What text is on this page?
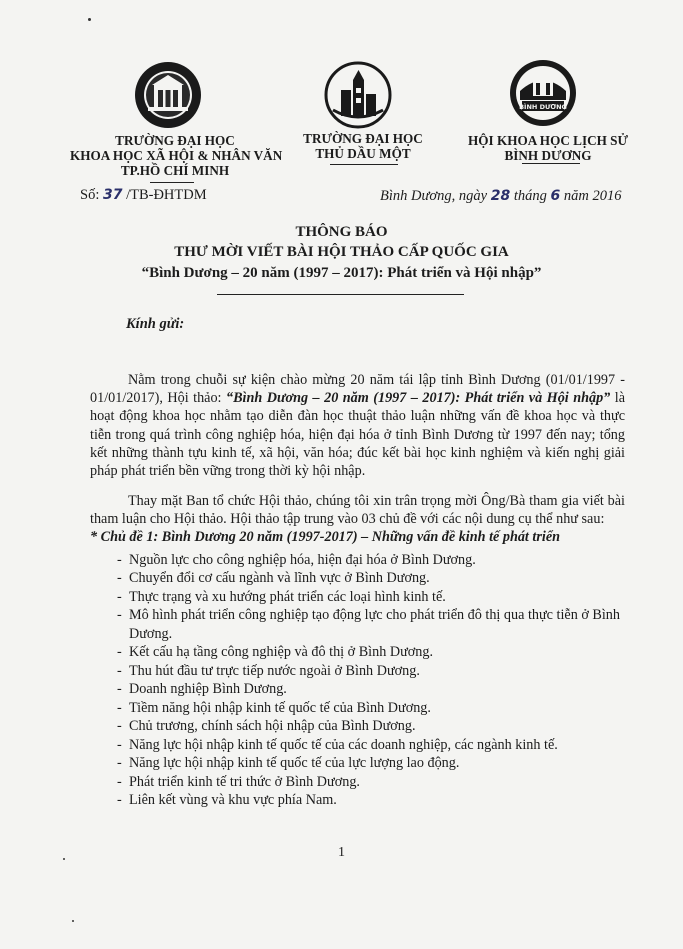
BÌNH DƯƠNG
TRƯỜNG ĐẠI HỌC
KHOA HỌC XÃ HỘI & NHÂN VĂN
TP.HỒ CHÍ MINH
TRƯỜNG ĐẠI HỌC
THỦ DẦU MỘT
HỘI KHOA HỌC LỊCH SỬ
BÌNH DƯƠNG
Số: 37 /TB-ĐHTDM	Bình Dương, ngày 28 tháng 6 năm 2016
THÔNG BÁO
THƯ MỜI VIẾT BÀI HỘI THẢO CẤP QUỐC GIA
“Bình Dương – 20 năm (1997 – 2017): Phát triển và Hội nhập”
Kính gửi:
Nằm trong chuỗi sự kiện chào mừng 20 năm tái lập tỉnh Bình Dương (01/01/1997 - 01/01/2017), Hội thảo: “Bình Dương – 20 năm (1997 – 2017): Phát triển và Hội nhập” là hoạt động khoa học nhằm tạo diễn đàn học thuật thảo luận những vấn đề khoa học và thực tiễn trong quá trình công nghiệp hóa, hiện đại hóa ở tỉnh Bình Dương từ 1997 đến nay; tổng kết những thành tựu kinh tế, xã hội, văn hóa; đúc kết bài học kinh nghiệm và kiến nghị giải pháp phát triển bền vững trong thời kỳ hội nhập.
Thay mặt Ban tổ chức Hội thảo, chúng tôi xin trân trọng mời Ông/Bà tham gia viết bài tham luận cho Hội thảo. Hội thảo tập trung vào 03 chủ đề với các nội dung cụ thể như sau:
* Chủ đề 1: Bình Dương 20 năm (1997-2017) – Những vấn đề kinh tế phát triển
- Nguồn lực cho công nghiệp hóa, hiện đại hóa ở Bình Dương.
- Chuyển đổi cơ cấu ngành và lĩnh vực ở Bình Dương.
- Thực trạng và xu hướng phát triển các loại hình kinh tế.
- Mô hình phát triển công nghiệp tạo động lực cho phát triển đô thị qua thực tiễn ở Bình Dương.
- Kết cấu hạ tầng công nghiệp và đô thị ở Bình Dương.
- Thu hút đầu tư trực tiếp nước ngoài ở Bình Dương.
- Doanh nghiệp Bình Dương.
- Tiềm năng hội nhập kinh tế quốc tế của Bình Dương.
- Chủ trương, chính sách hội nhập của Bình Dương.
- Năng lực hội nhập kinh tế quốc tế của các doanh nghiệp, các ngành kinh tế.
- Năng lực hội nhập kinh tế quốc tế của lực lượng lao động.
- Phát triển kinh tế tri thức ở Bình Dương.
- Liên kết vùng và khu vực phía Nam.
1
